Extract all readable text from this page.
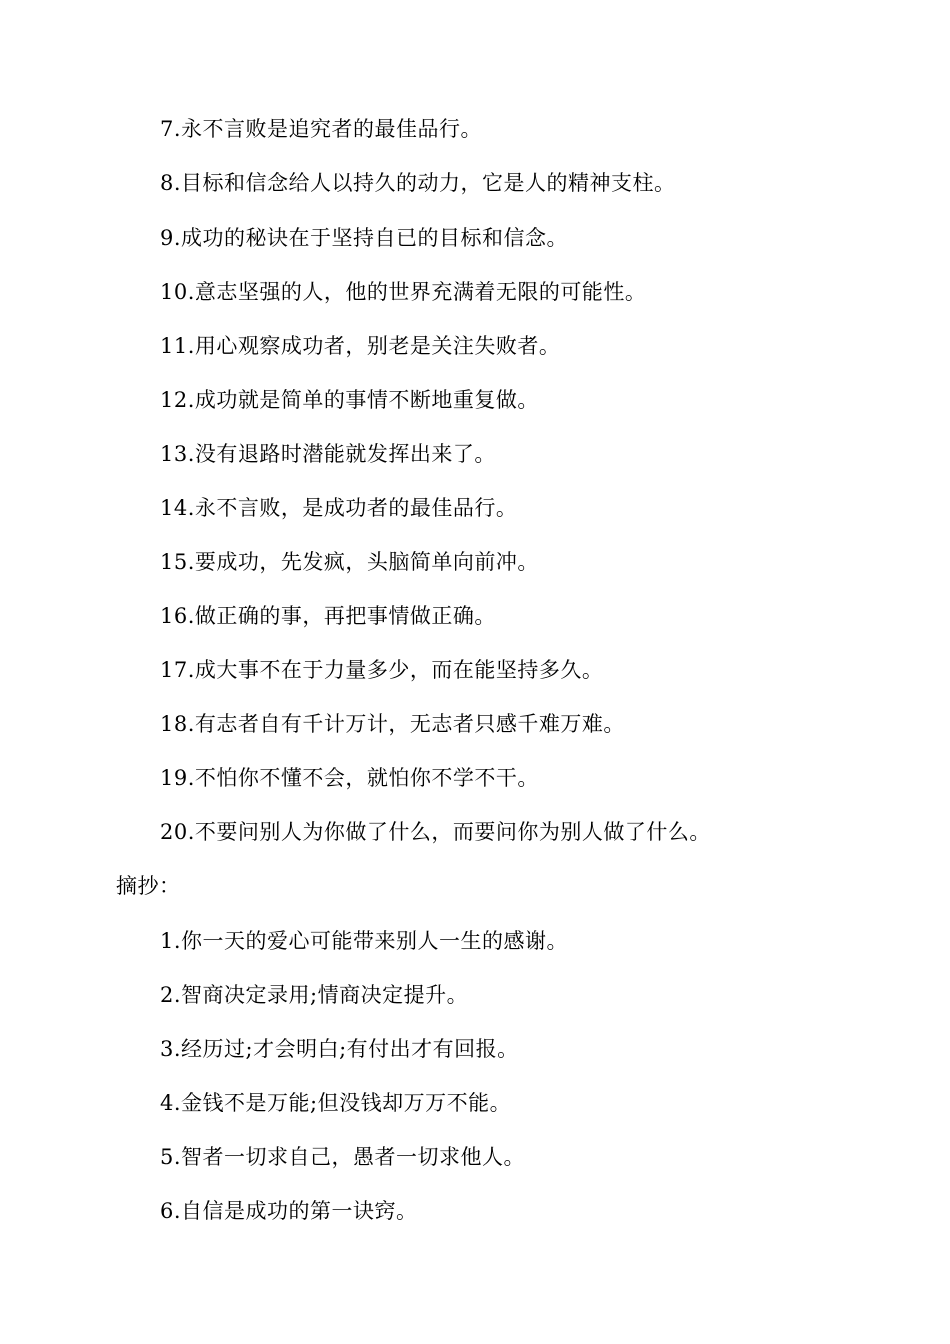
7.永不言败是追究者的最佳品行。
8.目标和信念给人以持久的动力，它是人的精神支柱。
9.成功的秘诀在于坚持自已的目标和信念。
10.意志坚强的人，他的世界充满着无限的可能性。
11.用心观察成功者，别老是关注失败者。
12.成功就是简单的事情不断地重复做。
13.没有退路时潜能就发挥出来了。
14.永不言败，是成功者的最佳品行。
15.要成功，先发疯，头脑简单向前冲。
16.做正确的事，再把事情做正确。
17.成大事不在于力量多少，而在能坚持多久。
18.有志者自有千计万计，无志者只感千难万难。
19.不怕你不懂不会，就怕你不学不干。
20.不要问别人为你做了什么，而要问你为别人做了什么。
摘抄：
1.你一天的爱心可能带来别人一生的感谢。
2.智商决定录用;情商决定提升。
3.经历过;才会明白;有付出才有回报。
4.金钱不是万能;但没钱却万万不能。
5.智者一切求自己，愚者一切求他人。
6.自信是成功的第一诀窍。
